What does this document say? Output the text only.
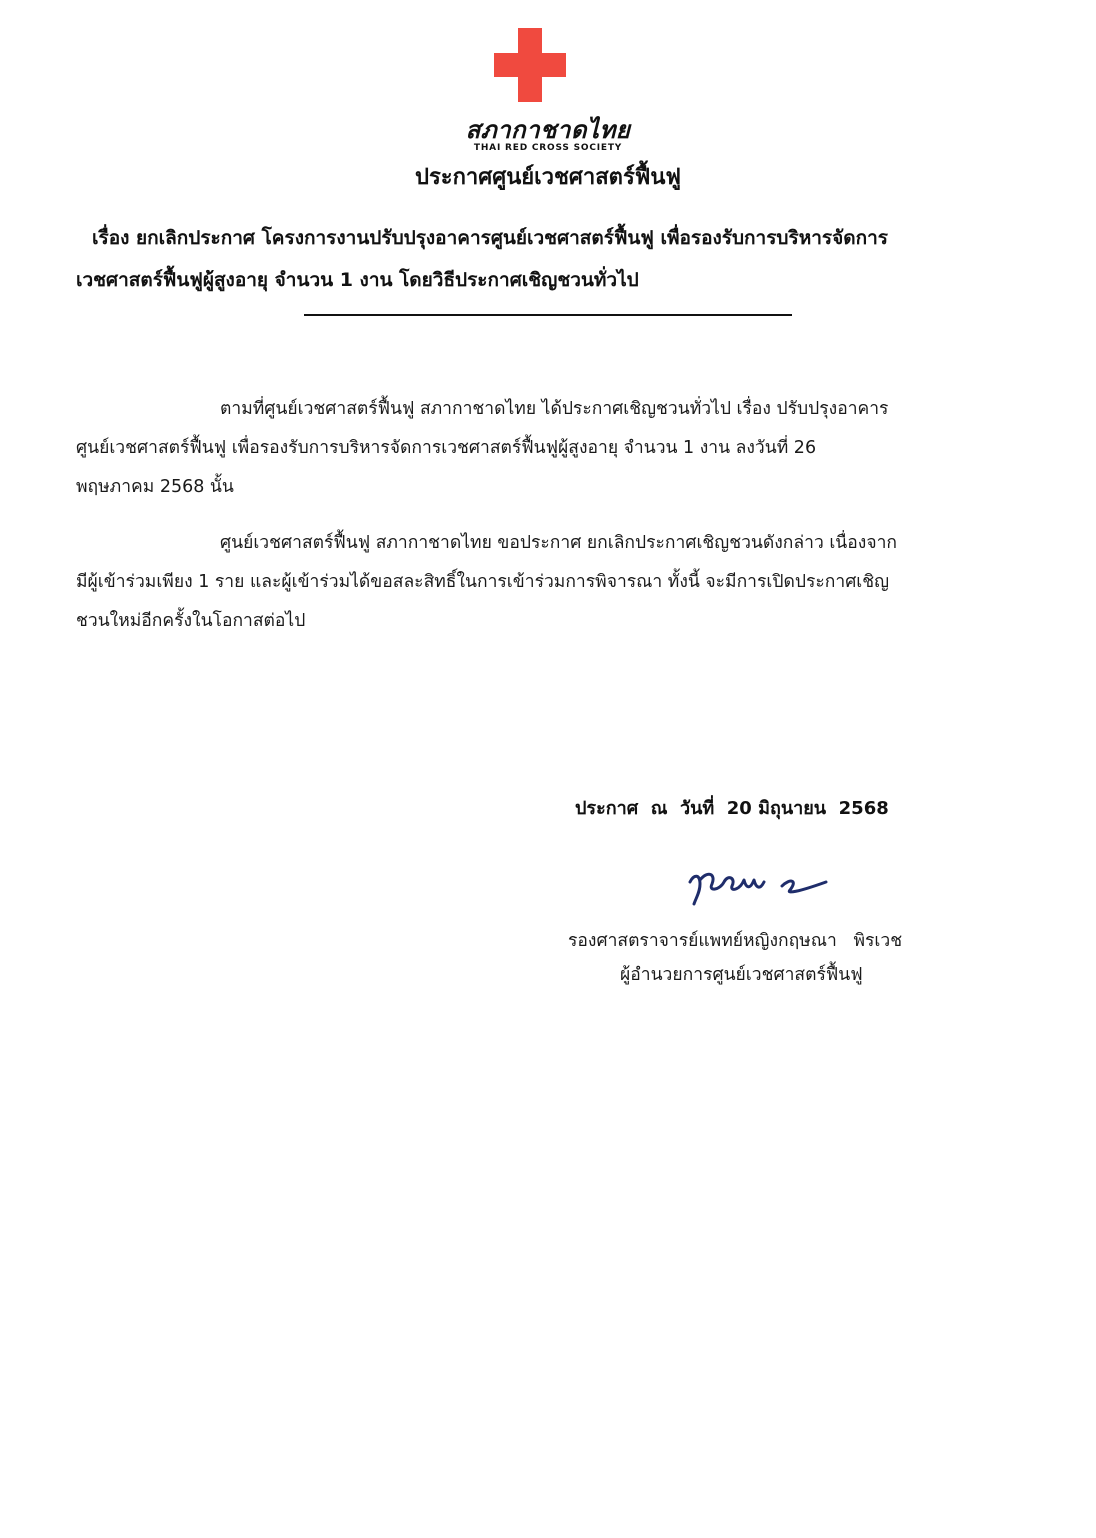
สภากาชาดไทย
THAI RED CROSS SOCIETY
ประกาศศูนย์เวชศาสตร์ฟื้นฟู
เรื่อง ยกเลิกประกาศ โครงการงานปรับปรุงอาคารศูนย์เวชศาสตร์ฟื้นฟู เพื่อรองรับการบริหารจัดการ
เวชศาสตร์ฟื้นฟูผู้สูงอายุ จำนวน 1 งาน โดยวิธีประกาศเชิญชวนทั่วไป
ตามที่ศูนย์เวชศาสตร์ฟื้นฟู สภากาชาดไทย ได้ประกาศเชิญชวนทั่วไป เรื่อง ปรับปรุงอาคาร
ศูนย์เวชศาสตร์ฟื้นฟู เพื่อรองรับการบริหารจัดการเวชศาสตร์ฟื้นฟูผู้สูงอายุ จำนวน 1 งาน ลงวันที่ 26
พฤษภาคม 2568 นั้น
ศูนย์เวชศาสตร์ฟื้นฟู สภากาชาดไทย ขอประกาศ ยกเลิกประกาศเชิญชวนดังกล่าว เนื่องจาก
มีผู้เข้าร่วมเพียง 1 ราย และผู้เข้าร่วมได้ขอสละสิทธิ์ในการเข้าร่วมการพิจารณา ทั้งนี้ จะมีการเปิดประกาศเชิญ
ชวนใหม่อีกครั้งในโอกาสต่อไป
ประกาศ  ณ  วันที่  20 มิถุนายน  2568
รองศาสตราจารย์แพทย์หญิงกฤษณา   พิรเวช
ผู้อำนวยการศูนย์เวชศาสตร์ฟื้นฟู
